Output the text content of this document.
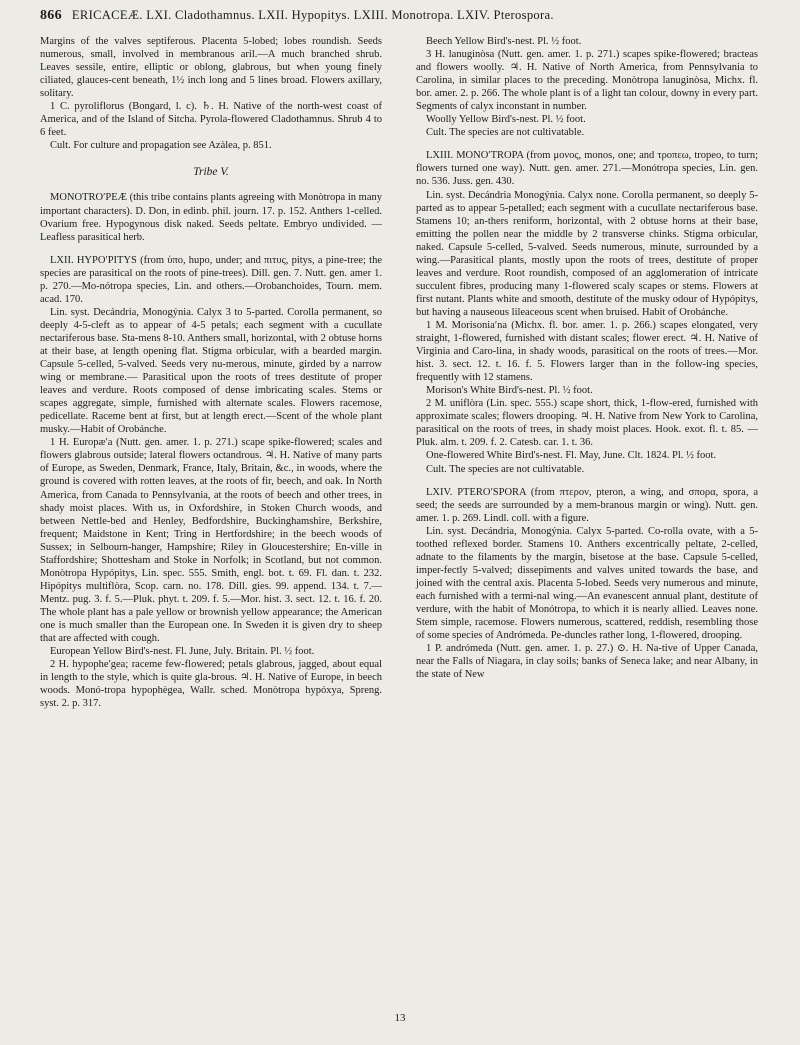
866 ERICACEÆ. LXI. Cladothamnus. LXII. Hypopitys. LXIII. Monotropa. LXIV. Pterospora.

Margins of the valves septiferous. Placenta 5-lobed; lobes roundish. Seeds numerous, small, involved in membranous aril.—A much branched shrub. Leaves sessile, entire, elliptic or oblong, glabrous, but when young finely ciliated, glauces-cent beneath, 1½ inch long and 5 lines broad. Flowers axillary, solitary.

1 C. pyroliflorus (Bongard, l. c). ♄. H. Native of the north-west coast of America, and of the Island of Sitcha. Pyrola-flowered Cladothamnus. Shrub 4 to 6 feet.

Cult. For culture and propagation see Azàlea, p. 851.

Tribe V.

MONOTROʹPEÆ (this tribe contains plants agreeing with Monòtropa in many important characters). D. Don, in edinb. phil. journ. 17. p. 152. Anthers 1-celled. Ovarium free. Hypogynous disk naked. Seeds peltate. Embryo undivided. —Leafless parasitical herb.

LXII. HYPOʹPITYS (from ὑπο, hupo, under; and πιτυς, pitys, a pine-tree; the species are parasitical on the roots of pine-trees). Dill. gen. 7. Nutt. gen. amer 1. p. 270.—Mo-nótropa species, Lin. and others.—Orobanchoìdes, Tourn. mem. acad. 170.

Lin. syst. Decándria, Monogýnia. Calyx 3 to 5-parted. Corolla permanent, so deeply 4-5-cleft as to appear of 4-5 petals; each segment with a cucullate nectariferous base. Sta-mens 8-10. Anthers small, horizontal, with 2 obtuse horns at their base, at length opening flat. Stigma orbicular, with a bearded margin. Capsule 5-celled, 5-valved. Seeds very nu-merous, minute, girded by a narrow wing or membrane.— Parasitical upon the roots of trees destitute of proper leaves and verdure. Roots composed of dense imbricating scales. Stems or scapes aggregate, simple, furnished with alternate scales. Flowers racemose, pedicellate. Raceme bent at first, but at length erect.—Scent of the whole plant musky.—Habit of Orobánche.

1 H. Europæʹa (Nutt. gen. amer. 1. p. 271.) scape spike-flowered; scales and flowers glabrous outside; lateral flowers octandrous. ♃. H. Native of many parts of Europe, as Sweden, Denmark, France, Italy, Britain, &c., in woods, where the ground is covered with rotten leaves, at the roots of fir, beech, and oak. In North America, from Canada to Pennsylvania, at the roots of beech and other trees, in shady moist places. With us, in Oxfordshire, in Stoken Church woods, and between Nettle-bed and Henley, Bedfordshire, Buckinghamshire, Berkshire, frequent; Maidstone in Kent; Tring in Hertfordshire; in the beech woods of Sussex; in Selbourn-hanger, Hampshire; Riley in Gloucestershire; En-ville in Staffordshire; Shottesham and Stoke in Norfolk; in Scotland, but not common. Monòtropa Hypópitys, Lin. spec. 555. Smith, engl. bot. t. 69. Fl. dan. t. 232. Hipópitys multiflòra, Scop. carn. no. 178. Dill. gies. 99. append. 134. t. 7.—Mentz. pug. 3. f. 5.—Pluk. phyt. t. 209. f. 5.—Mor. hist. 3. sect. 12. t. 16. f. 20. The whole plant has a pale yellow or brownish yellow appearance; the American one is much smaller than the European one. In Sweden it is given dry to sheep that are affected with cough.

European Yellow Bird's-nest. Fl. June, July. Britain. Pl. ½ foot.

2 H. hypopheʹgea; raceme few-flowered; petals glabrous, jagged, about equal in length to the style, which is quite gla-brous. ♃. H. Native of Europe, in beech woods. Monó-tropa hypophègea, Wallr. sched. Monòtropa hypóxya, Spreng. syst. 2. p. 317.

Beech Yellow Bird's-nest. Pl. ½ foot.

3 H. lanuginòsa (Nutt. gen. amer. 1. p. 271.) scapes spike-flowered; bracteas and flowers woolly. ♃. H. Native of North America, from Pennsylvania to Carolina, in similar places to the preceding. Monòtropa lanuginòsa, Michx. fl. bor. amer. 2. p. 266. The whole plant is of a light tan colour, downy in every part. Segments of calyx inconstant in number.

Woolly Yellow Bird's-nest. Pl. ½ foot.

Cult. The species are not cultivatable.

LXIII. MONOʹTROPA (from μονος, monos, one; and τροπεω, tropeo, to turn; flowers turned one way). Nutt. gen. amer. 271.—Monótropa species, Lin. gen. no. 536. Juss. gen. 430.

Lin. syst. Decándria Monogýnia. Calyx none. Corolla permanent, so deeply 5-parted as to appear 5-petalled; each segment with a cucullate nectariferous base. Stamens 10; an-thers reniform, horizontal, with 2 obtuse horns at their base, emitting the pollen near the middle by 2 transverse chinks. Stigma orbicular, naked. Capsule 5-celled, 5-valved. Seeds numerous, minute, surrounded by a wing.—Parasitical plants, mostly upon the roots of trees, destitute of proper leaves and verdure. Root roundish, composed of an agglomeration of intricate succulent fibres, producing many 1-flowered scaly scapes or stems. Flowers at first nutant. Plants white and smooth, destitute of the musky odour of Hypópitys, but having a nauseous lileaceous scent when bruised. Habit of Orobánche.

1 M. Morisoniaʹna (Michx. fl. bor. amer. 1. p. 266.) scapes elongated, very straight, 1-flowered, furnished with distant scales; flower erect. ♃. H. Native of Virginia and Caro-lina, in shady woods, parasitical on the roots of trees.—Mor. hist. 3. sect. 12. t. 16. f. 5. Flowers larger than in the follow-ing species, frequently with 12 stamens.

Morison's White Bird's-nest. Pl. ½ foot.

2 M. uniflòra (Lin. spec. 555.) scape short, thick, 1-flow-ered, furnished with approximate scales; flowers drooping. ♃. H. Native from New York to Carolina, parasitical on the roots of trees, in shady moist places. Hook. exot. fl. t. 85. —Pluk. alm. t. 209. f. 2. Catesb. car. 1. t. 36.

One-flowered White Bird's-nest. Fl. May, June. Clt. 1824. Pl. ½ foot.

Cult. The species are not cultivatable.

LXIV. PTEROʹSPORA (from πτερον, pteron, a wing, and σπορα, spora, a seed; the seeds are surrounded by a mem-branous margin or wing). Nutt. gen. amer. 1. p. 269. Lindl. coll. with a figure.

Lin. syst. Decándria, Monogýnia. Calyx 5-parted. Co-rolla ovate, with a 5-toothed reflexed border. Stamens 10. Anthers excentrically peltate, 2-celled, adnate to the filaments by the margin, bisetose at the base. Capsule 5-celled, imper-fectly 5-valved; dissepiments and valves united towards the base, and joined with the central axis. Placenta 5-lobed. Seeds very numerous and minute, each furnished with a termi-nal wing.—An evanescent annual plant, destitute of verdure, with the habit of Monótropa, to which it is nearly allied. Leaves none. Stem simple, racemose. Flowers numerous, scattered, reddish, resembling those of some species of Andrómeda. Pe-duncles rather long, 1-flowered, drooping.

1 P. andrómeda (Nutt. gen. amer. 1. p. 27.) ⊙. H. Na-tive of Upper Canada, near the Falls of Niagara, in clay soils; banks of Seneca lake; and near Albany, in the state of New

13
